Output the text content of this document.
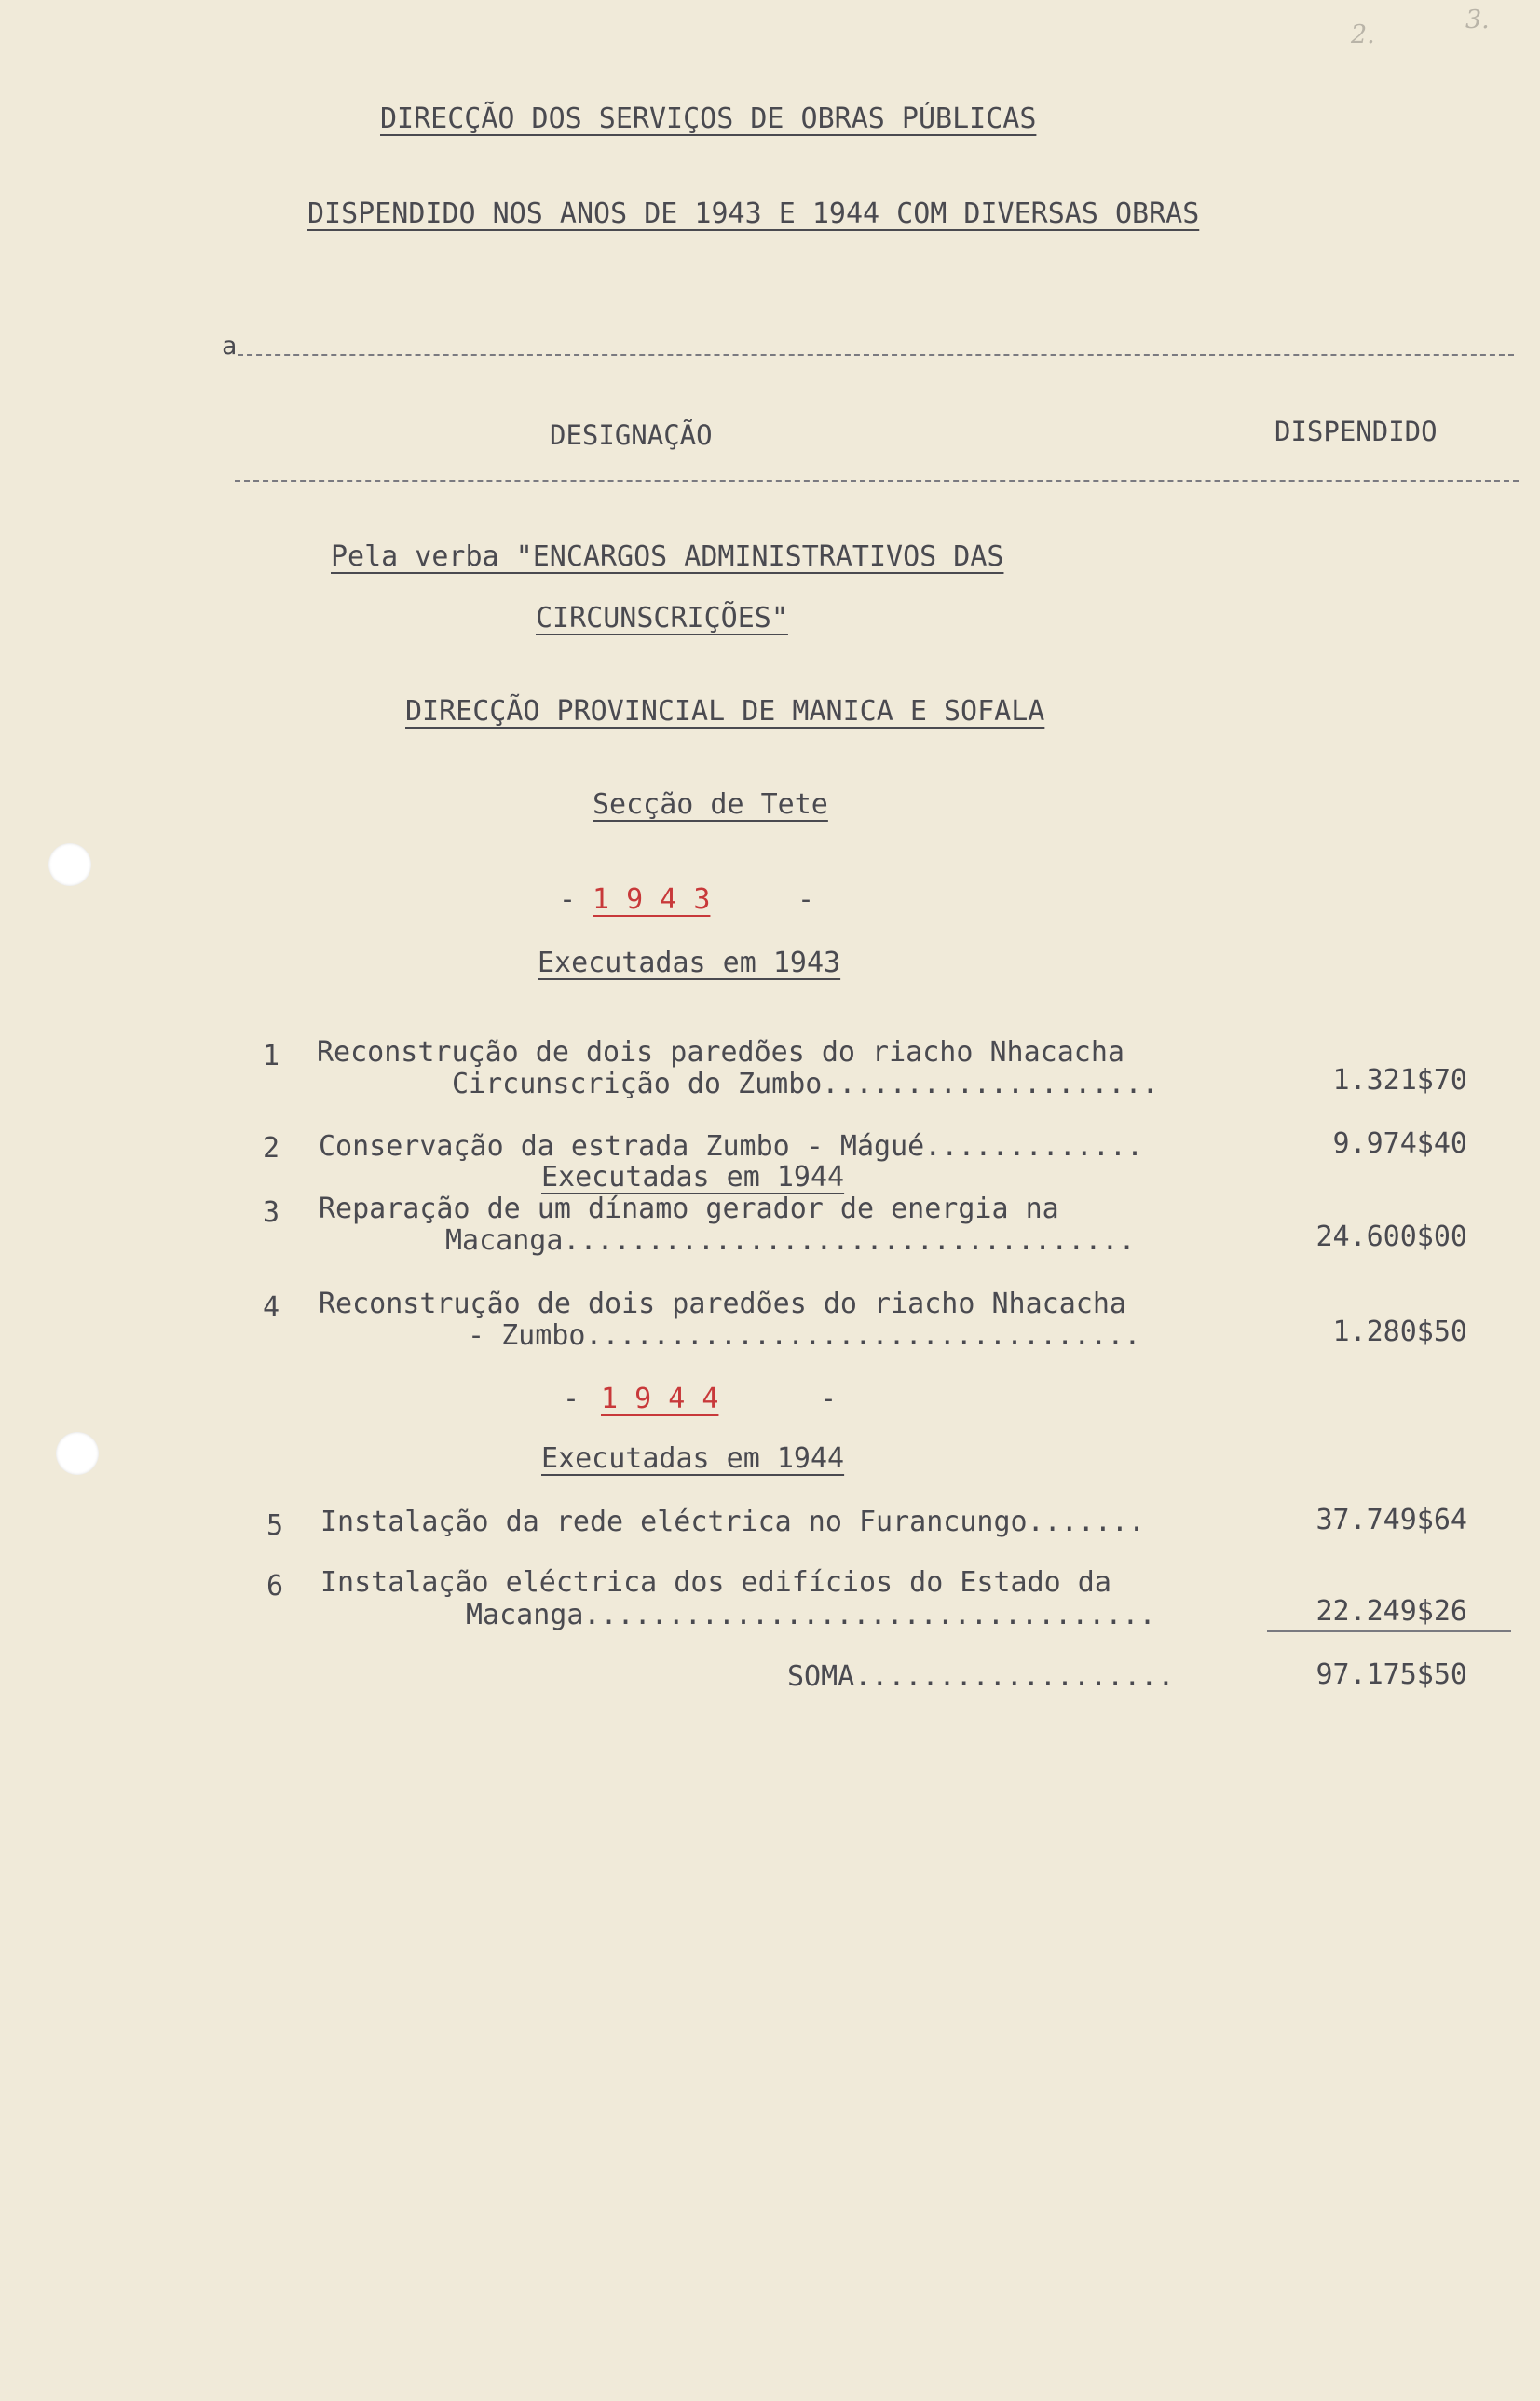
2.
3.
DIRECÇÃO DOS SERVIÇOS DE OBRAS PÚBLICAS
DISPENDIDO NOS ANOS DE 1943 E 1944 COM DIVERSAS OBRAS
a
DESIGNAÇÃO	DISPENDIDO
Pela verba "ENCARGOS ADMINISTRATIVOS DAS
CIRCUNSCRIÇÕES"
DIRECÇÃO PROVINCIAL DE MANICA E SOFALA
Secção de Tete
- 1 9 4 3	-
Executadas em 1943
1 Reconstrução de dois paredões do riacho Nhacacha
Circunscrição do Zumbo....................	1.321$70
2 Conservação da estrada Zumbo - Mágué.............	9.974$40
Executadas em 1944
3 Reparação de um dínamo gerador de energia na
Macanga..................................	24.600$00
4 Reconstrução de dois paredões do riacho Nhacacha
- Zumbo.................................	1.280$50
- 1 9 4 4	-
Executadas em 1944
5 Instalação da rede eléctrica no Furancungo.......	37.749$64
6 Instalação eléctrica dos edifícios do Estado da
Macanga..................................	22.249$26
SOMA...................	97.175$50
